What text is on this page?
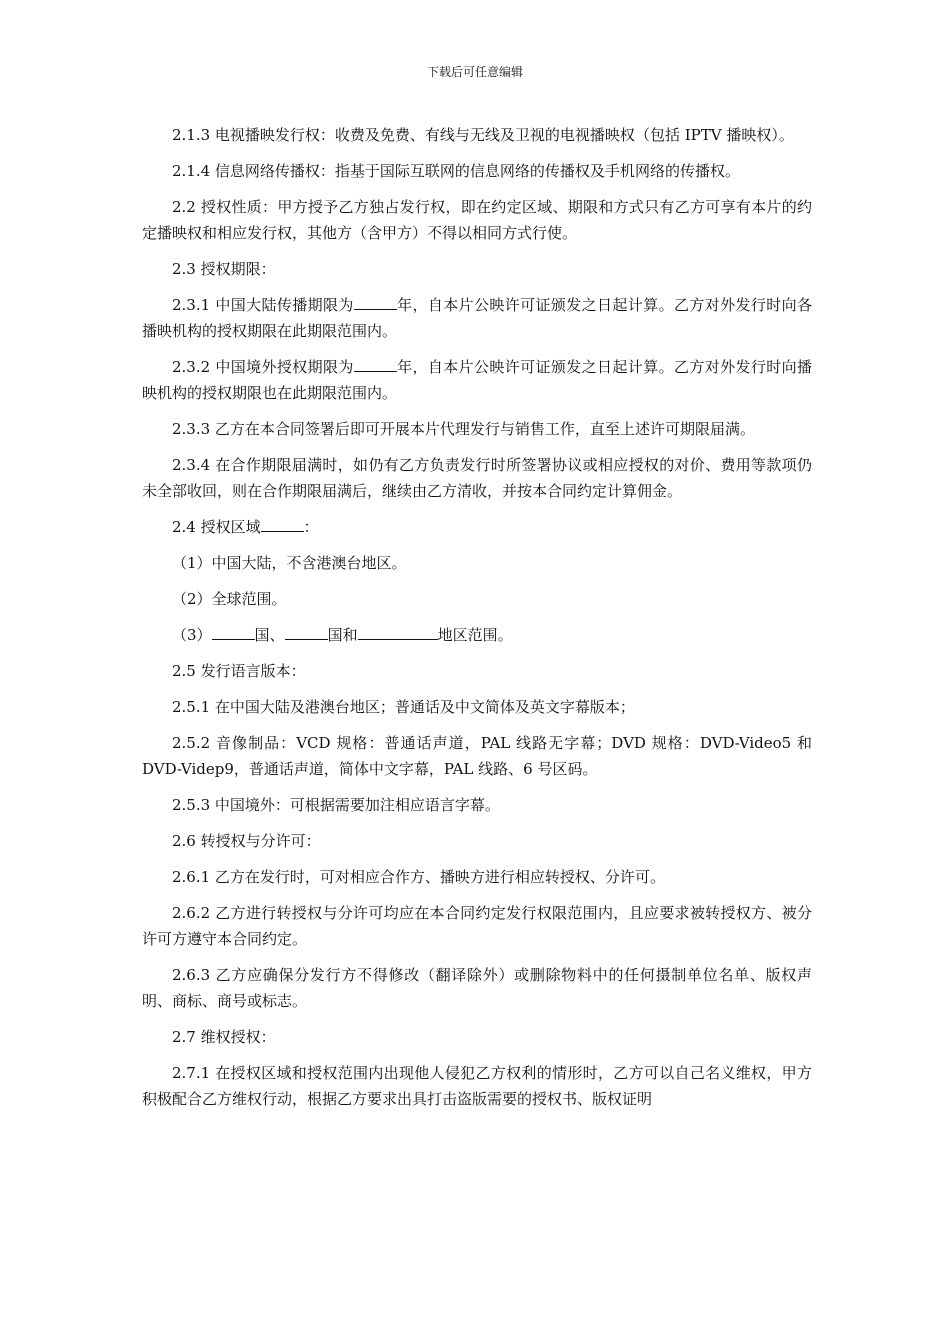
下载后可任意编辑

2.1.3 电视播映发行权：收费及免费、有线与无线及卫视的电视播映权（包括 IPTV 播映权）。

2.1.4 信息网络传播权：指基于国际互联网的信息网络的传播权及手机网络的传播权。

2.2 授权性质：甲方授予乙方独占发行权，即在约定区域、期限和方式只有乙方可享有本片的约定播映权和相应发行权，其他方（含甲方）不得以相同方式行使。

2.3 授权期限：

2.3.1 中国大陆传播期限为	年，自本片公映许可证颁发之日起计算。乙方对外发行时向各播映机构的授权期限在此期限范围内。

2.3.2 中国境外授权期限为	年，自本片公映许可证颁发之日起计算。乙方对外发行时向播映机构的授权期限也在此期限范围内。

2.3.3 乙方在本合同签署后即可开展本片代理发行与销售工作，直至上述许可期限届满。

2.3.4 在合作期限届满时，如仍有乙方负责发行时所签署协议或相应授权的对价、费用等款项仍未全部收回，则在合作期限届满后，继续由乙方清收，并按本合同约定计算佣金。

2.4 授权区域	：

（1）中国大陆，不含港澳台地区。

（2）全球范围。

（3）	国、	国和	地区范围。

2.5 发行语言版本：

2.5.1 在中国大陆及港澳台地区；普通话及中文简体及英文字幕版本；

2.5.2 音像制品：VCD 规格：普通话声道，PAL 线路无字幕；DVD 规格：DVD-Video5 和 DVD-Videp9，普通话声道，简体中文字幕，PAL 线路、6 号区码。

2.5.3 中国境外：可根据需要加注相应语言字幕。

2.6 转授权与分许可：

2.6.1 乙方在发行时，可对相应合作方、播映方进行相应转授权、分许可。

2.6.2 乙方进行转授权与分许可均应在本合同约定发行权限范围内，且应要求被转授权方、被分许可方遵守本合同约定。

2.6.3 乙方应确保分发行方不得修改（翻译除外）或删除物料中的任何摄制单位名单、版权声明、商标、商号或标志。

2.7 维权授权：

2.7.1 在授权区域和授权范围内出现他人侵犯乙方权利的情形时，乙方可以自己名义维权，甲方积极配合乙方维权行动，根据乙方要求出具打击盗版需要的授权书、版权证明
